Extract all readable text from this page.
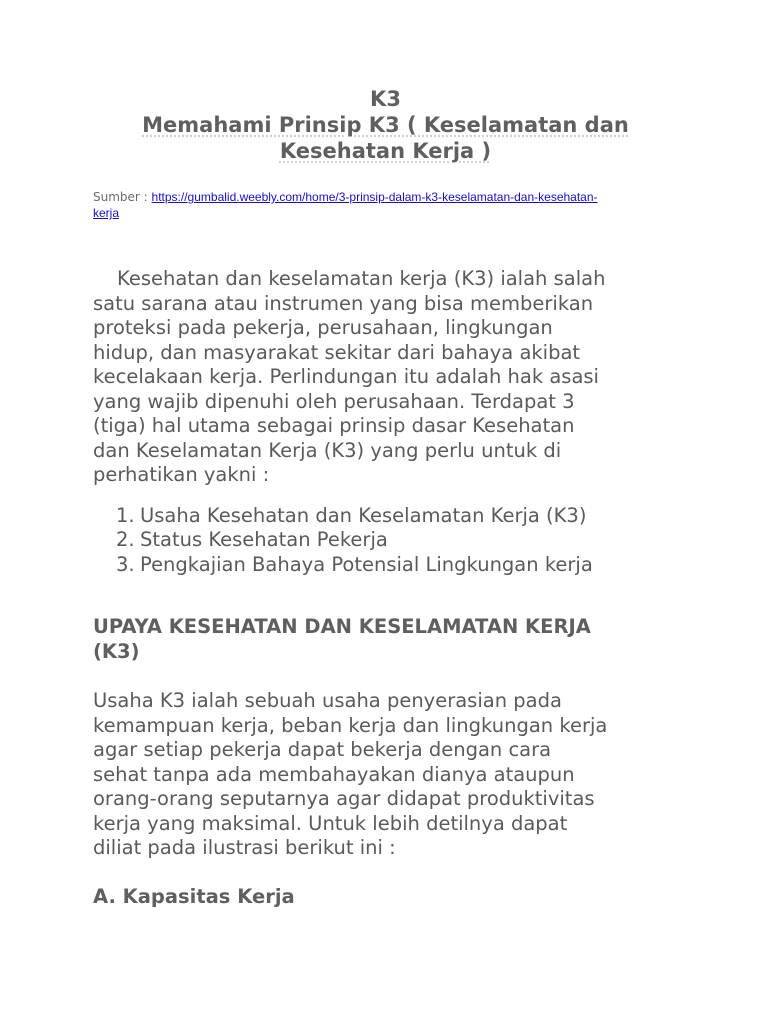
K3
Memahami Prinsip K3 ( Keselamatan dan
Kesehatan Kerja )
Sumber : https://gumbalid.weebly.com/home/3-prinsip-dalam-k3-keselamatan-dan-kesehatan-
kerja

Kesehatan dan keselamatan kerja (K3) ialah salah
satu sarana atau instrumen yang bisa memberikan
proteksi pada pekerja, perusahaan, lingkungan
hidup, dan masyarakat sekitar dari bahaya akibat
kecelakaan kerja. Perlindungan itu adalah hak asasi
yang wajib dipenuhi oleh perusahaan. Terdapat 3
(tiga) hal utama sebagai prinsip dasar Kesehatan
dan Keselamatan Kerja (K3) yang perlu untuk di
perhatikan yakni :

1. Usaha Kesehatan dan Keselamatan Kerja (K3)
2. Status Kesehatan Pekerja
3. Pengkajian Bahaya Potensial Lingkungan kerja
UPAYA KESEHATAN DAN KESELAMATAN KERJA
(K3)

Usaha K3 ialah sebuah usaha penyerasian pada
kemampuan kerja, beban kerja dan lingkungan kerja
agar setiap pekerja dapat bekerja dengan cara
sehat tanpa ada membahayakan dianya ataupun
orang-orang seputarnya agar didapat produktivitas
kerja yang maksimal. Untuk lebih detilnya dapat
diliat pada ilustrasi berikut ini :

A. Kapasitas Kerja
